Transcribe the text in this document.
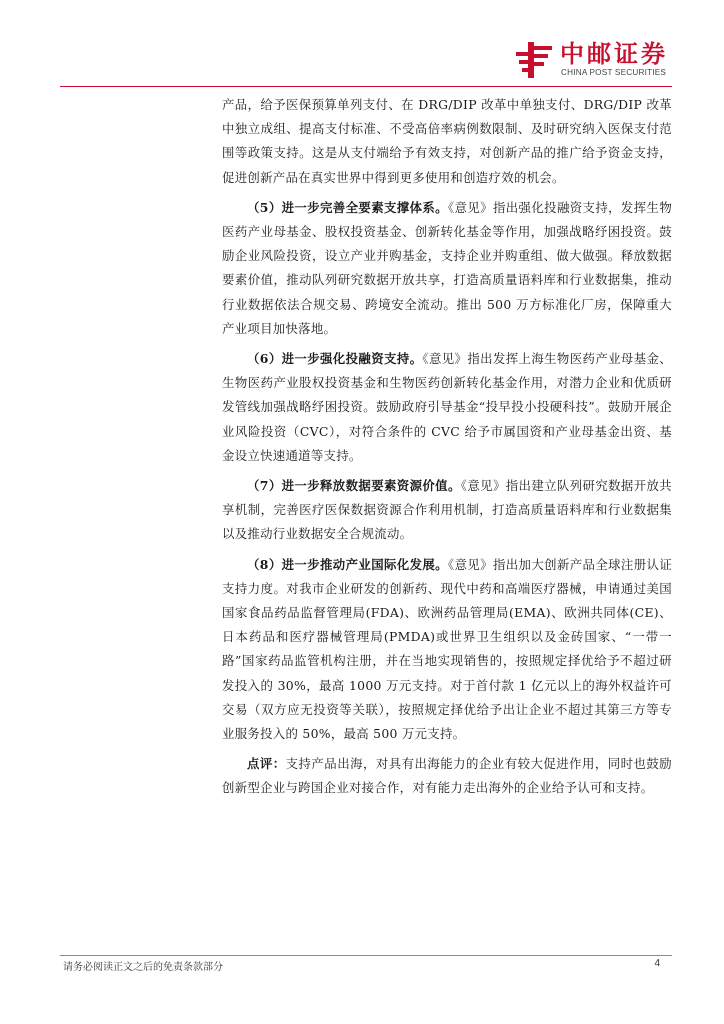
中邮证券
CHINA POST SECURITIES

产品，给予医保预算单列支付、在 DRG/DIP 改革中单独支付、DRG/DIP 改革中独立成组、提高支付标准、不受高倍率病例数限制、及时研究纳入医保支付范围等政策支持。这是从支付端给予有效支持，对创新产品的推广给予资金支持，促进创新产品在真实世界中得到更多使用和创造疗效的机会。

（5）进一步完善全要素支撑体系。《意见》指出强化投融资支持，发挥生物医药产业母基金、股权投资基金、创新转化基金等作用，加强战略纾困投资。鼓励企业风险投资，设立产业并购基金，支持企业并购重组、做大做强。释放数据要素价值，推动队列研究数据开放共享，打造高质量语料库和行业数据集，推动行业数据依法合规交易、跨境安全流动。推出 500 万方标准化厂房，保障重大产业项目加快落地。

（6）进一步强化投融资支持。《意见》指出发挥上海生物医药产业母基金、生物医药产业股权投资基金和生物医药创新转化基金作用，对潜力企业和优质研发管线加强战略纾困投资。鼓励政府引导基金“投早投小投硬科技”。鼓励开展企业风险投资（CVC），对符合条件的 CVC 给予市属国资和产业母基金出资、基金设立快速通道等支持。

（7）进一步释放数据要素资源价值。《意见》指出建立队列研究数据开放共享机制，完善医疗医保数据资源合作利用机制，打造高质量语料库和行业数据集以及推动行业数据安全合规流动。

（8）进一步推动产业国际化发展。《意见》指出加大创新产品全球注册认证支持力度。对我市企业研发的创新药、现代中药和高端医疗器械，申请通过美国国家食品药品监督管理局(FDA)、欧洲药品管理局(EMA)、欧洲共同体(CE)、日本药品和医疗器械管理局(PMDA)或世界卫生组织以及金砖国家、“一带一路”国家药品监管机构注册，并在当地实现销售的，按照规定择优给予不超过研发投入的 30%，最高 1000 万元支持。对于首付款 1 亿元以上的海外权益许可交易（双方应无投资等关联），按照规定择优给予出让企业不超过其第三方等专业服务投入的 50%，最高 500 万元支持。

点评：支持产品出海，对具有出海能力的企业有较大促进作用，同时也鼓励创新型企业与跨国企业对接合作，对有能力走出海外的企业给予认可和支持。

请务必阅读正文之后的免责条款部分	4
